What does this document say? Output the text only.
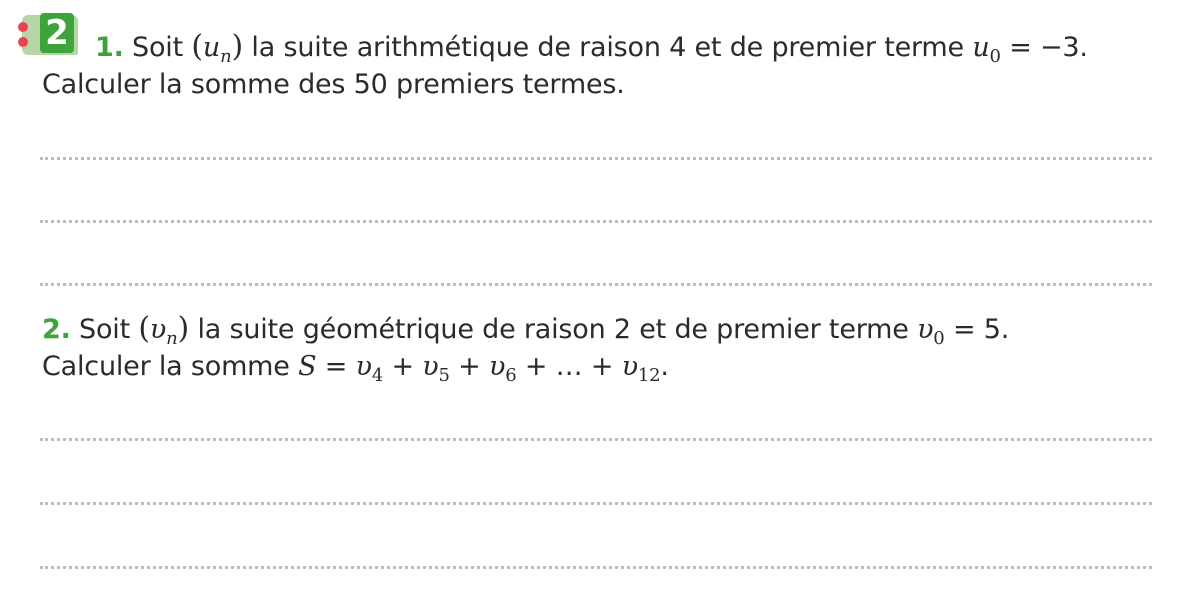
2 1. Soit $(u_n)$ la suite arithmétique de raison 4 et de premier terme $u_0 = -3$.
Calculer la somme des 50 premiers termes.
2. Soit $(\upsilon_n)$ la suite géométrique de raison 2 et de premier terme $\upsilon_0 = 5$.
Calculer la somme $S = \upsilon_4 + \upsilon_5 + \upsilon_6$ + … + $\upsilon_{12}$.
